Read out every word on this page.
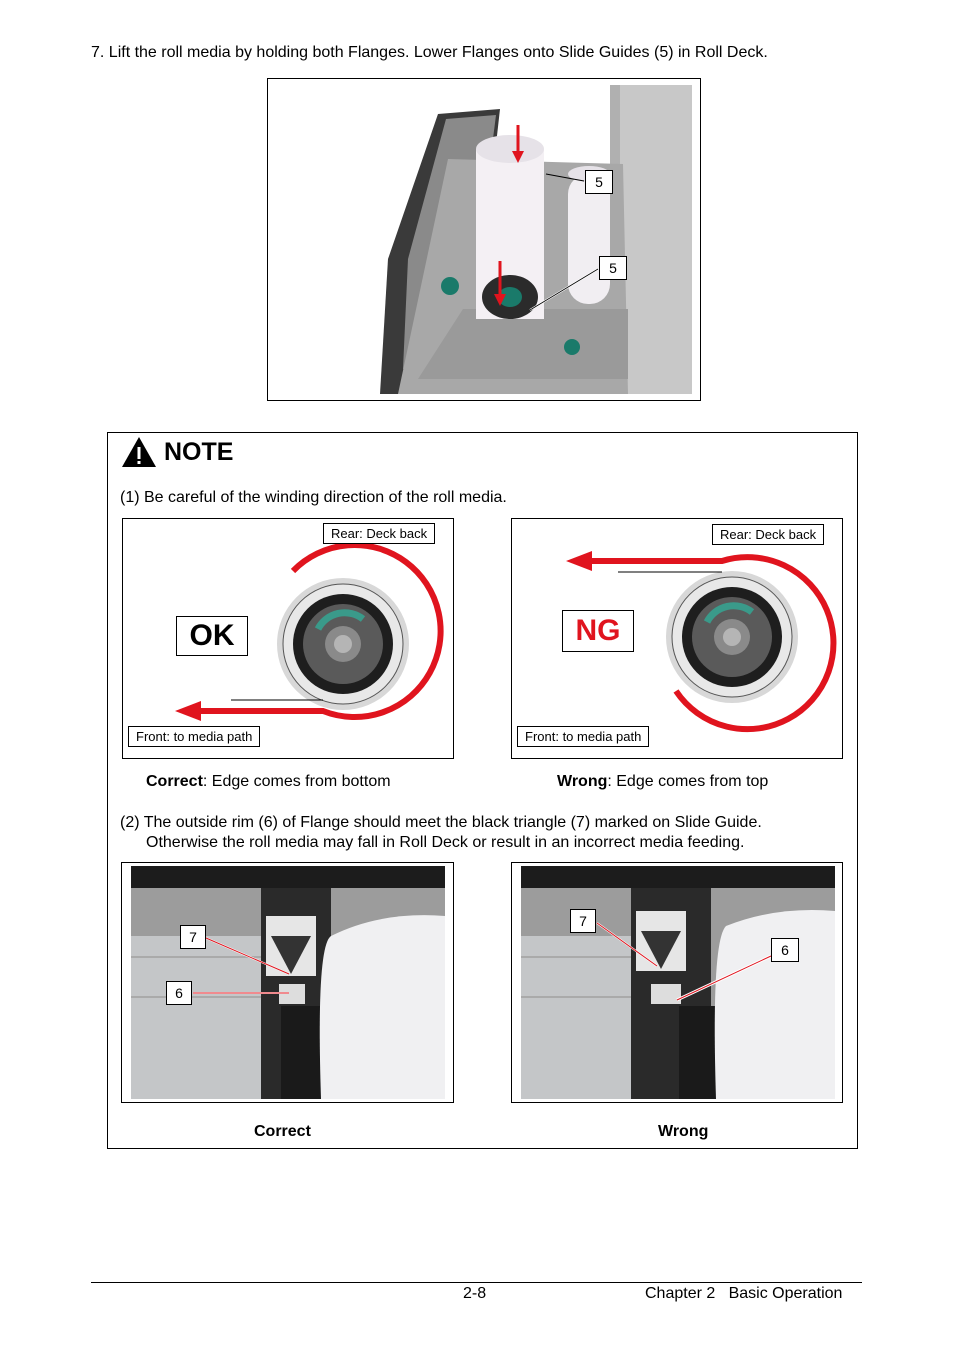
7. Lift the roll media by holding both Flanges. Lower Flanges onto Slide Guides (5) in Roll Deck.
5
5
NOTE
(1) Be careful of the winding direction of the roll media.
Rear: Deck back
Front: to media path
OK
Rear: Deck back
Front: to media path
NG
Correct: Edge comes from bottom	Wrong: Edge comes from top
(2) The outside rim (6) of Flange should meet the black triangle (7) marked on Slide Guide.
Otherwise the roll media may fall in Roll Deck or result in an incorrect media feeding.
7
6
7
6
Correct	Wrong
2-8	Chapter 2   Basic Operation
